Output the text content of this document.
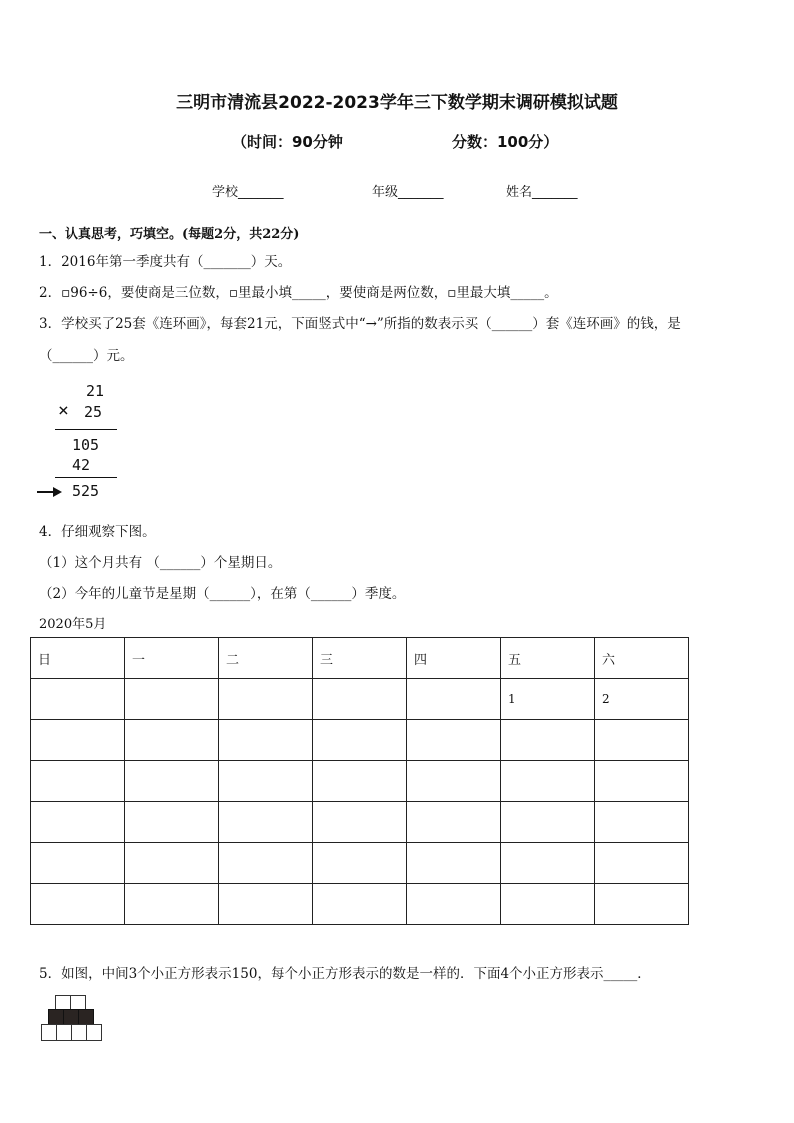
三明市清流县2022-2023学年三下数学期末调研模拟试题
（时间：90分钟	分数：100分）
学校_______	年级_______	姓名_______
一、认真思考，巧填空。(每题2分，共22分)
1．2016年第一季度共有（_______）天。
2．▫96÷6，要使商是三位数，▫里最小填_____，要使商是两位数，▫里最大填_____。
3．学校买了25套《连环画》，每套21元，下面竖式中“→”所指的数表示买（______）套《连环画》的钱，是
（______）元。
21
× 25
105
42
525
4．仔细观察下图。
（1）这个月共有 （______）个星期日。
（2）今年的儿童节是星期（______），在第（______）季度。
2020年5月
日	一	二	三	四	五	六
					1	2

5．如图，中间3个小正方形表示150，每个小正方形表示的数是一样的．下面4个小正方形表示_____．
